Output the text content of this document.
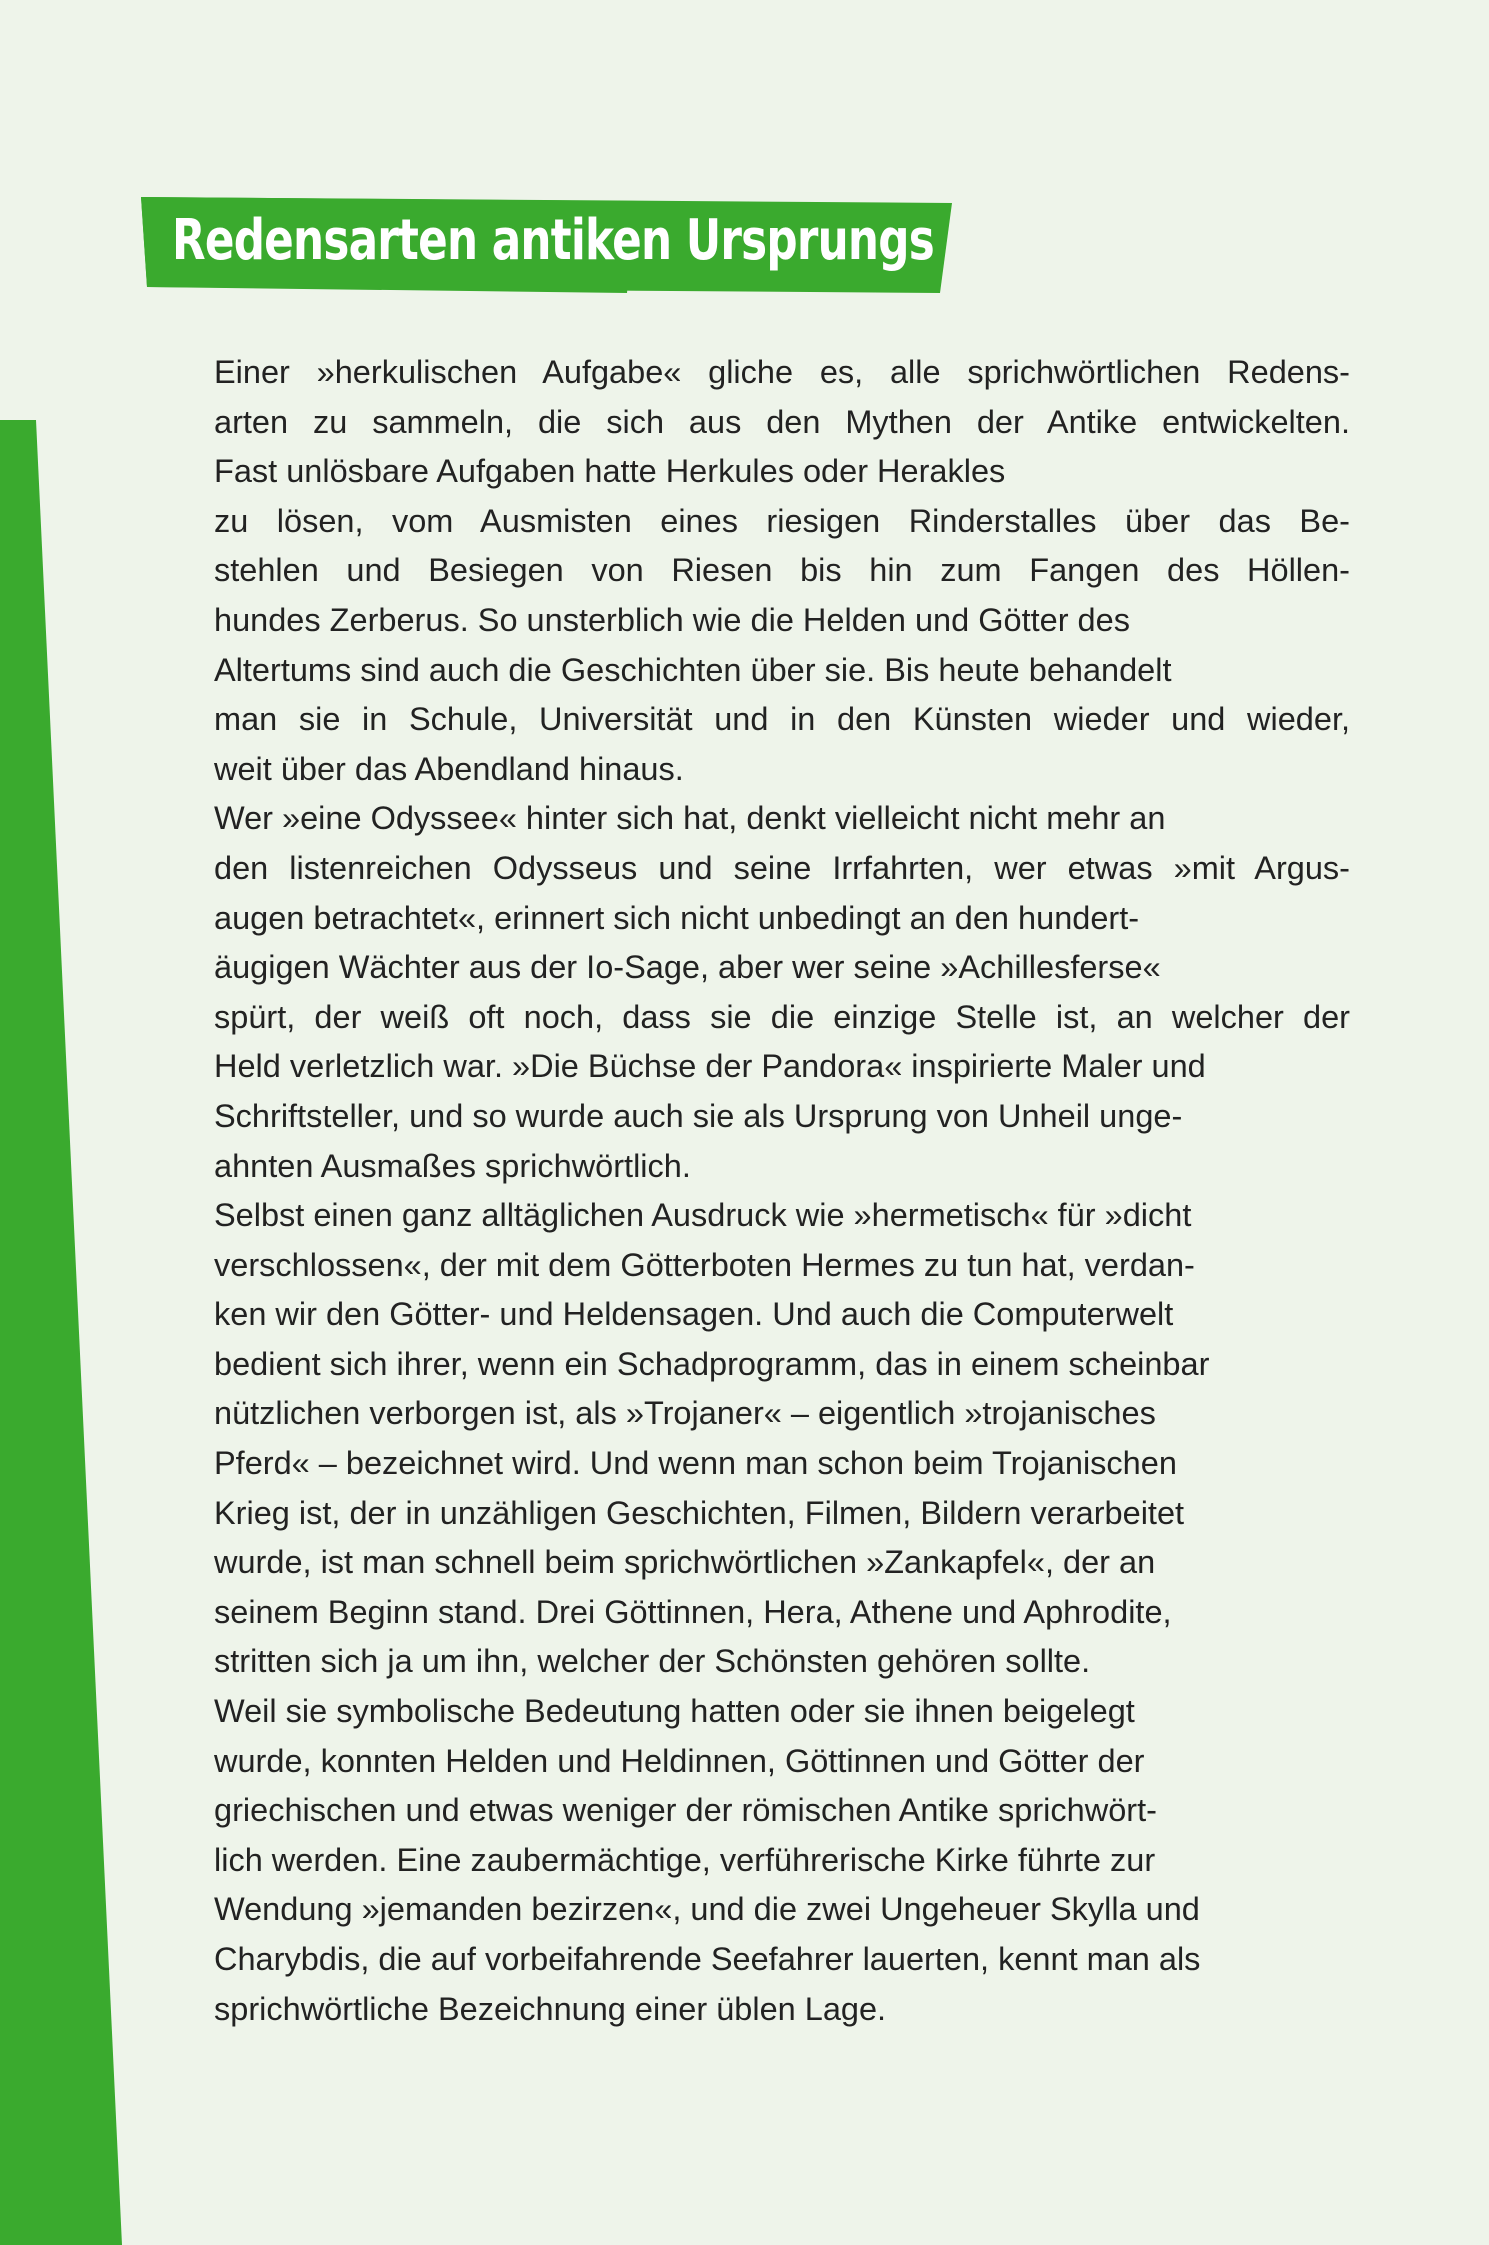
Redensarten antiken Ursprungs
Einer »herkulischen Aufgabe« gliche es, alle sprichwörtlichen Redens-
arten zu sammeln, die sich aus den Mythen der Antike entwickelten.
Fast unlösbare Aufgaben hatte Herkules oder Herakles
zu lösen, vom Ausmisten eines riesigen Rinderstalles über das Be-
stehlen und Besiegen von Riesen bis hin zum Fangen des Höllen-
hundes Zerberus. So unsterblich wie die Helden und Götter des
Altertums sind auch die Geschichten über sie. Bis heute behandelt
man sie in Schule, Universität und in den Künsten wieder und wieder,
weit über das Abendland hinaus.
Wer »eine Odyssee« hinter sich hat, denkt vielleicht nicht mehr an
den listenreichen Odysseus und seine Irrfahrten, wer etwas »mit Argus-
augen betrachtet«, erinnert sich nicht unbedingt an den hundert-
äugigen Wächter aus der Io-Sage, aber wer seine »Achillesferse«
spürt, der weiß oft noch, dass sie die einzige Stelle ist, an welcher der
Held verletzlich war. »Die Büchse der Pandora« inspirierte Maler und
Schriftsteller, und so wurde auch sie als Ursprung von Unheil unge-
ahnten Ausmaßes sprichwörtlich.
Selbst einen ganz alltäglichen Ausdruck wie »hermetisch« für »dicht
verschlossen«, der mit dem Götterboten Hermes zu tun hat, verdan-
ken wir den Götter- und Heldensagen. Und auch die Computerwelt
bedient sich ihrer, wenn ein Schadprogramm, das in einem scheinbar
nützlichen verborgen ist, als »Trojaner« – eigentlich »trojanisches
Pferd« – bezeichnet wird. Und wenn man schon beim Trojanischen
Krieg ist, der in unzähligen Geschichten, Filmen, Bildern verarbeitet
wurde, ist man schnell beim sprichwörtlichen »Zankapfel«, der an
seinem Beginn stand. Drei Göttinnen, Hera, Athene und Aphrodite,
stritten sich ja um ihn, welcher der Schönsten gehören sollte.
Weil sie symbolische Bedeutung hatten oder sie ihnen beigelegt
wurde, konnten Helden und Heldinnen, Göttinnen und Götter der
griechischen und etwas weniger der römischen Antike sprichwört-
lich werden. Eine zaubermächtige, verführerische Kirke führte zur
Wendung »jemanden bezirzen«, und die zwei Ungeheuer Skylla und
Charybdis, die auf vorbeifahrende Seefahrer lauerten, kennt man als
sprichwörtliche Bezeichnung einer üblen Lage.
